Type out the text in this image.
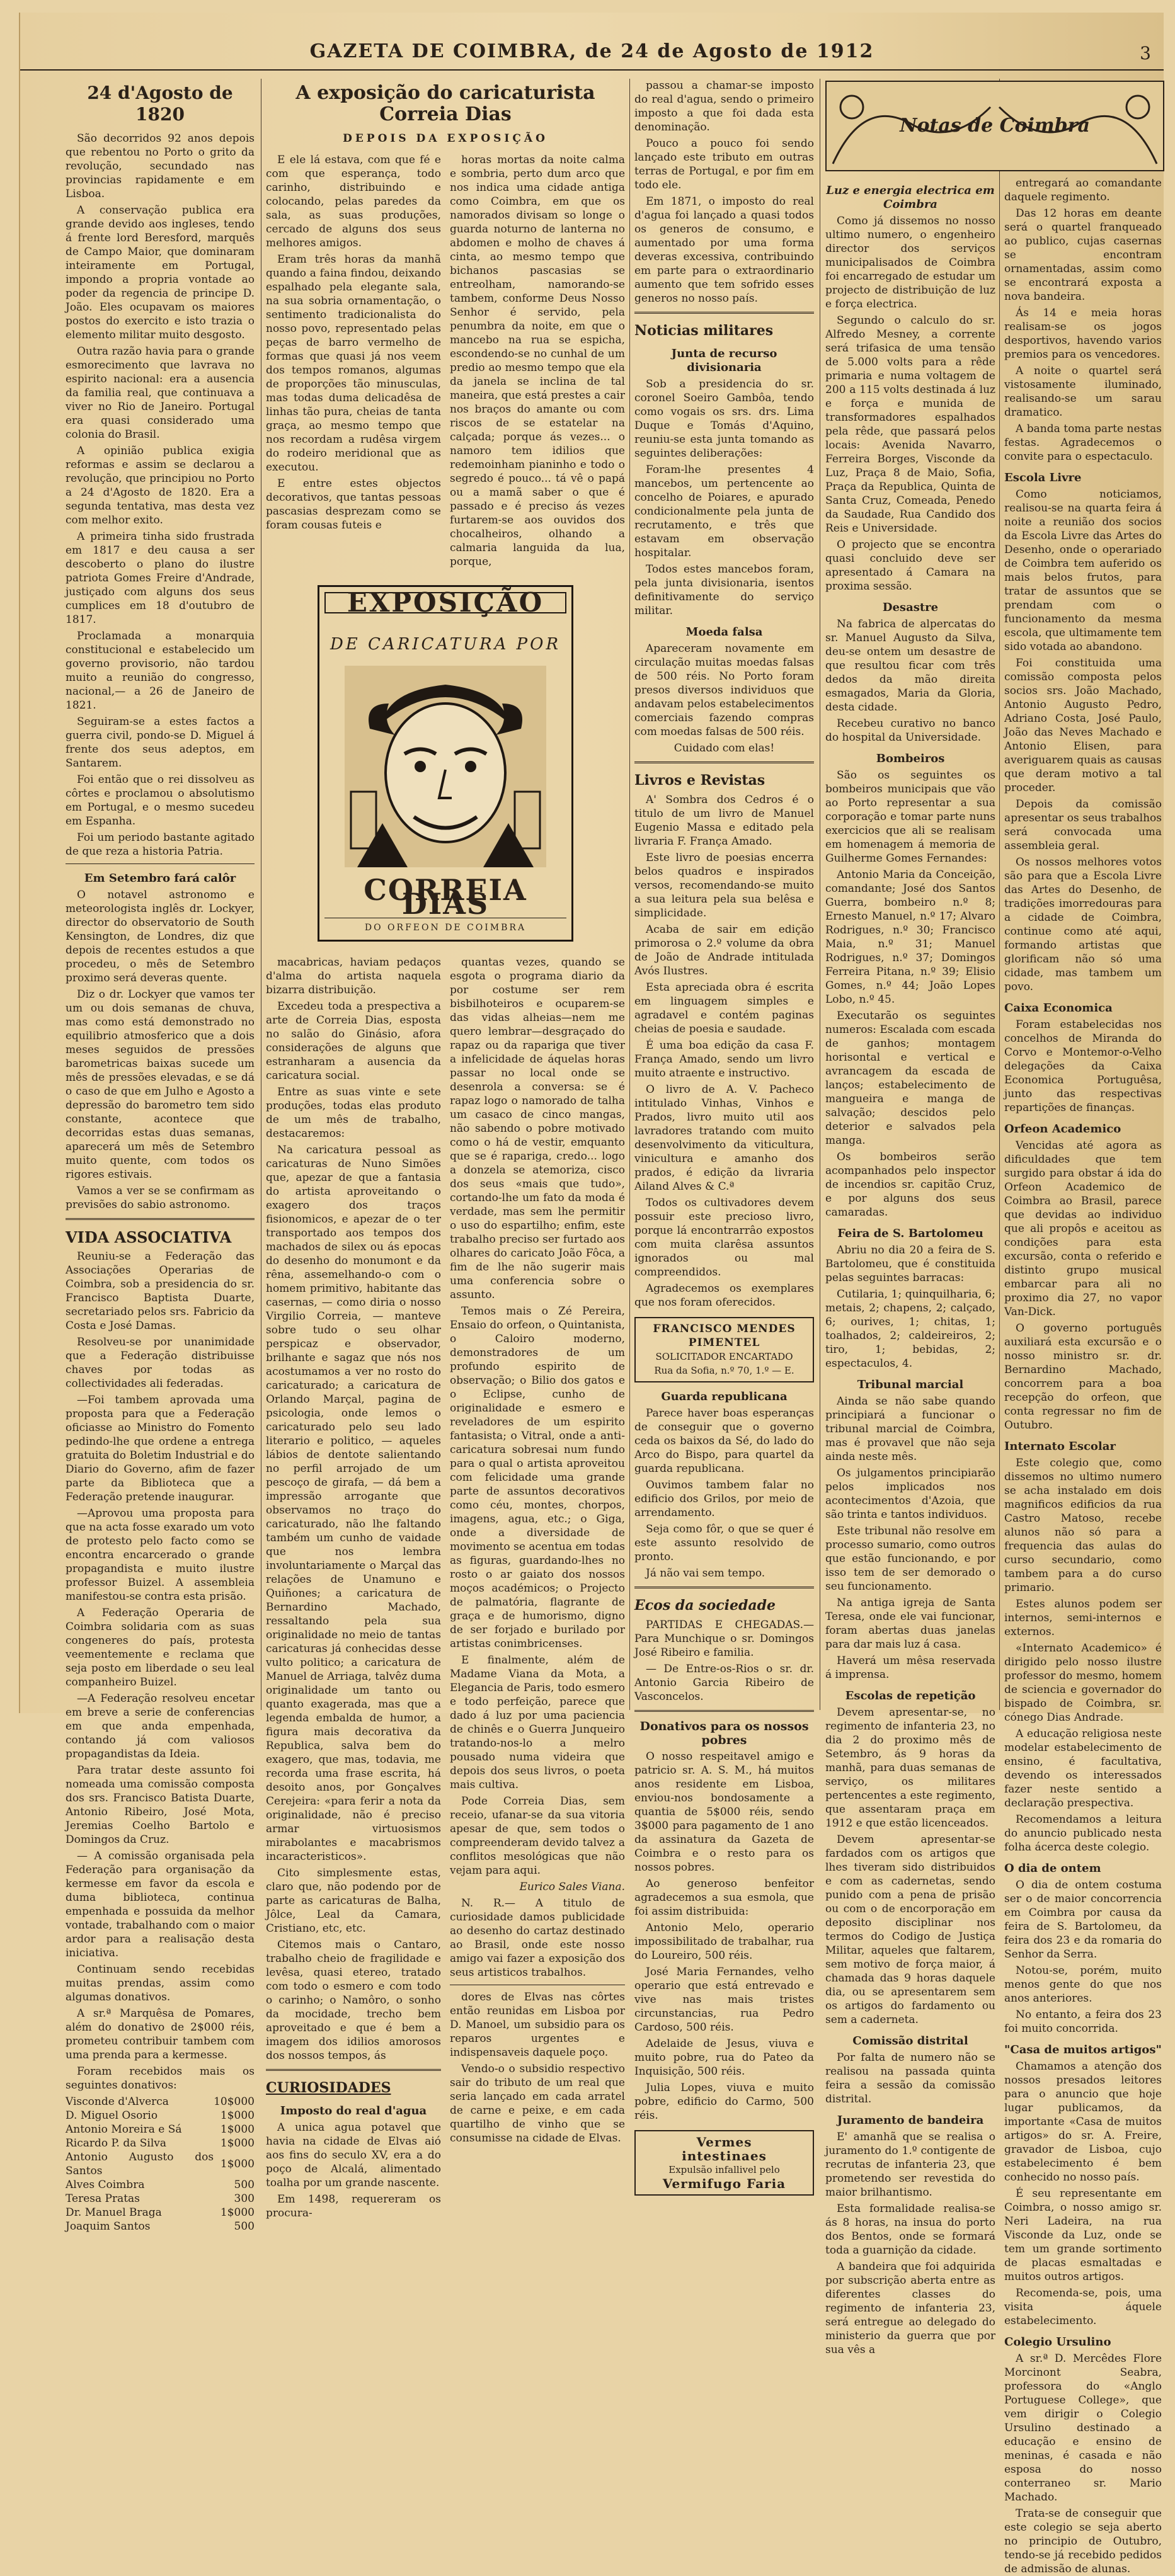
GAZETA DE COIMBRA, de 24 de Agosto de 1912	3
24 d'Agosto de 1820

São decorridos 92 anos depois que rebentou no Porto o grito da revolução, secundado nas provincias rapidamente e em Lisboa.

A conservação publica era grande devido aos ingleses, tendo á frente lord Beresford, marquês de Campo Maior, que dominaram inteiramente em Portugal, impondo a propria vontade ao poder da regencia de principe D. João. Eles ocupavam os maiores postos do exercito e isto trazia o elemento militar muito desgosto.

Outra razão havia para o grande esmorecimento que lavrava no espirito nacional: era a ausencia da familia real, que continuava a viver no Rio de Janeiro. Portugal era quasi considerado uma colonia do Brasil.

A opinião publica exigia reformas e assim se declarou a revolução, que principiou no Porto a 24 d'Agosto de 1820. Era a segunda tentativa, mas desta vez com melhor exito.

A primeira tinha sido frustrada em 1817 e deu causa a ser descoberto o plano do ilustre patriota Gomes Freire d'Andrade, justiçado com alguns dos seus cumplices em 18 d'outubro de 1817.

Proclamada a monarquia constitucional e estabelecido um governo provisorio, não tardou muito a reunião do congresso, nacional,— a 26 de Janeiro de 1821.

Seguiram-se a estes factos a guerra civil, pondo-se D. Miguel á frente dos seus adeptos, em Santarem.

Foi então que o rei dissolveu as côrtes e proclamou o absolutismo em Portugal, e o mesmo sucedeu em Espanha.

Foi um periodo bastante agitado de que reza a historia Patria.

Em Setembro fará calôr

O notavel astronomo e meteorologista inglês dr. Lockyer, director do observatorio de South Kensington, de Londres, diz que depois de recentes estudos a que procedeu, o mês de Setembro proximo será deveras quente.

Diz o dr. Lockyer que vamos ter um ou dois semanas de chuva, mas como está demonstrado no equilibrio atmosferico que a dois meses seguidos de pressões barometricas baixas sucede um mês de pressões elevadas, e se dá o caso de que em Julho e Agosto a depressão do barometro tem sido constante, acontece que decorridas estas duas semanas, aparecerá um mês de Setembro muito quente, com todos os rigores estivais.

Vamos a ver se se confirmam as previsões do sabio astronomo.

VIDA ASSOCIATIVA

Reuniu-se a Federação das Associações Operarias de Coimbra, sob a presidencia do sr. Francisco Baptista Duarte, secretariado pelos srs. Fabricio da Costa e José Damas.

Resolveu-se por unanimidade que a Federação distribuisse chaves por todas as collectividades ali federadas.

—Foi tambem aprovada uma proposta para que a Federação oficiasse ao Ministro do Fomento pedindo-lhe que ordene a entrega gratuita do Boletim Industrial e do Diario do Governo, afim de fazer parte da Biblioteca que a Federação pretende inaugurar.

—Aprovou uma proposta para que na acta fosse exarado um voto de protesto pelo facto como se encontra encarcerado o grande propagandista e muito ilustre professor Buizel. A assembleia manifestou-se contra esta prisão.

A Federação Operaria de Coimbra solidaria com as suas congeneres do país, protesta veementemente e reclama que seja posto em liberdade o seu leal companheiro Buizel.

—A Federação resolveu encetar em breve a serie de conferencias em que anda empenhada, contando já com valiosos propagandistas da Ideia.

Para tratar deste assunto foi nomeada uma comissão composta dos srs. Francisco Batista Duarte, Antonio Ribeiro, José Mota, Jeremias Coelho Bartolo e Domingos da Cruz.

— A comissão organisada pela Federação para organisação da kermesse em favor da escola e duma biblioteca, continua empenhada e possuida da melhor vontade, trabalhando com o maior ardor para a realisação desta iniciativa.

Continuam sendo recebidas muitas prendas, assim como algumas donativos.

A sr.ª Marquêsa de Pomares, além do donativo de 2$000 réis, prometeu contribuir tambem com uma prenda para a kermesse.

Foram recebidos mais os seguintes donativos:

Visconde d'Alverca	10$000
D. Miguel Osorio	1$000
Antonio Moreira e Sá	1$000
Ricardo P. da Silva	1$000
Antonio Augusto dos Santos	1$000
Alves Coimbra	500
Teresa Pratas	300
Dr. Manuel Braga	1$000
Joaquim Santos	500
A exposição do caricaturista Correia Dias
DEPOIS DA EXPOSIÇÃO

E ele lá estava, com que fé e com que esperança, todo carinho, distribuindo e colocando, pelas paredes da sala, as suas produções, cercado de alguns dos seus melhores amigos.

Eram três horas da manhã quando a faina findou, deixando espalhado pela elegante sala, na sua sobria ornamentação, o sentimento tradicionalista do nosso povo, representado pelas peças de barro vermelho de formas que quasi já nos veem dos tempos romanos, algumas de proporções tão minusculas, mas todas duma delicadêsa de linhas tão pura, cheias de tanta graça, ao mesmo tempo que nos recordam a rudêsa virgem do rodeiro meridional que as executou.

E entre estes objectos decorativos, que tantas pessoas pascasias desprezam como se foram cousas futeis e

horas mortas da noite calma e sombria, perto dum arco que nos indica uma cidade antiga como Coimbra, em que os namorados divisam so longe o guarda noturno de lanterna no abdomen e molho de chaves á cinta, ao mesmo tempo que bichanos pascasias se entreolham, namorando-se tambem, conforme Deus Nosso Senhor é servido, pela penumbra da noite, em que o mancebo na rua se espicha, escondendo-se no cunhal de um predio ao mesmo tempo que ela da janela se inclina de tal maneira, que está prestes a cair nos braços do amante ou com riscos de se estatelar na calçada; porque ás vezes... o namoro tem idilios que redemoinham pianinho e todo o segredo é pouco... tá vê o papá ou a mamã saber o que é passado e é preciso ás vezes furtarem-se aos ouvidos dos chocalheiros, olhando a calmaria languida da lua, porque,

EXPOSIÇÃO
DE CARICATURA POR
CORREIA DIAS
DO ORFEON DE COIMBRA

macabricas, haviam pedaços d'alma do artista naquela bizarra distribuição.

Excedeu toda a prespectiva a arte de Correia Dias, esposta no salão do Ginásio, afora considerações de alguns que estranharam a ausencia da caricatura social.

Entre as suas vinte e sete produções, todas elas produto de um mês de trabalho, destacaremos:

Na caricatura pessoal as caricaturas de Nuno Simões que, apezar de que a fantasia do artista aproveitando o exagero dos traços fisionomicos, e apezar de o ter transportado aos tempos dos machados de silex ou ás epocas do desenho do monumont e da rêna, assemelhando-o com o homem primitivo, habitante das casernas, — como diria o nosso Virgilio Correia, — manteve sobre tudo o seu olhar perspicaz e observador, brilhante e sagaz que nós nos acostumamos a ver no rosto do caricaturado; a caricatura de Orlando Marçal, pagina de psicologia, onde lemos o caricaturado pelo seu lado literario e politico, — aqueles lábios de dentote salientando no perfil arrojado de um pescoço de girafa, — dá bem a impressão arrogante que observamos no traço do caricaturado, não lhe faltando também um cunho de vaidade que nos lembra involuntariamente o Marçal das relações de Unamuno e Quiñones; a caricatura de Bernardino Machado, ressaltando pela sua originalidade no meio de tantas caricaturas já conhecidas desse vulto politico; a caricatura de Manuel de Arriaga, talvêz duma originalidade um tanto ou quanto exagerada, mas que a legenda embalda de humor, a figura mais decorativa da Republica, salva bem do exagero, que mas, todavia, me recorda uma frase escrita, há desoito anos, por Gonçalves Cerejeira: «para ferir a nota da originalidade, não é preciso armar virtuosismos mirabolantes e macabrismos incaracteristicos».

Cito simplesmente estas, claro que, não podendo por de parte as caricaturas de Balha, Jôlce, Leal da Camara, Cristiano, etc, etc.

Citemos mais o Cantaro, trabalho cheio de fragilidade e levêsa, quasi etereo, tratado com todo o esmero e com todo o carinho; o Namôro, o sonho da mocidade, trecho bem aproveitado e que é bem a imagem dos idilios amorosos dos nossos tempos, ás

CURIOSIDADES
Imposto do real d'agua

A unica agua potavel que havia na cidade de Elvas aió aos fins do seculo XV, era a do poço de Alcalá, alimentado toalha por um grande nascente.

Em 1498, requereram os procura-

quantas vezes, quando se esgota o programa diario da por costume ser rem bisbilhoteiros e ocuparem-se das vidas alheias—nem me quero lembrar—desgraçado do rapaz ou da rapariga que tiver a infelicidade de áquelas horas passar no local onde se desenrola a conversa: se é rapaz logo o namorado de talha um casaco de cinco mangas, não sabendo o pobre motivado como o há de vestir, emquanto que se é rapariga, credo... logo a donzela se atemoriza, cisco dos seus «mais que tudo», cortando-lhe um fato da moda é verdade, mas sem lhe permitir o uso do espartilho; enfim, este trabalho preciso ser furtado aos olhares do caricato João Fôca, a fim de lhe não sugerir mais uma conferencia sobre o assunto.

Temos mais o Zé Pereira, Ensaio do orfeon, o Quintanista, o Caloiro moderno, demonstradores de um profundo espirito de observação; o Bilio dos gatos e o Eclipse, cunho de originalidade e esmero e reveladores de um espirito fantasista; o Vitral, onde a anti-caricatura sobresai num fundo para o qual o artista aproveitou com felicidade uma grande parte de assuntos decorativos como céu, montes, chorpos, imagens, agua, etc.; o Giga, onde a diversidade de movimento se acentua em todas as figuras, guardando-lhes no rosto o ar gaiato dos nossos moços académicos; o Projecto de palmatória, flagrante de graça e de humorismo, digno de ser forjado e burilado por artistas conimbricenses.

E finalmente, além de Madame Viana da Mota, a Elegancia de Paris, todo esmero e todo perfeição, parece que dado á luz por uma paciencia de chinês e o Guerra Junqueiro tratando-nos-lo a melro pousado numa videira que depois dos seus livros, o poeta mais cultiva.

Pode Correia Dias, sem receio, ufanar-se da sua vitoria apesar de que, sem todos o compreenderam devido talvez a conflitos mesológicas que não vejam para aqui.

Eurico Sales Viana.

N. R.— A titulo de curiosidade damos publicidade ao desenho do cartaz destinado ao Brasil, onde este nosso amigo vai fazer a exposição dos seus artisticos trabalhos.

dores de Elvas nas côrtes então reunidas em Lisboa por D. Manoel, um subsidio para os reparos urgentes e indispensaveis daquele poço.

Vendo-o o subsidio respectivo sair do tributo de um real que seria lançado em cada arratel de carne e peixe, e em cada quartilho de vinho que se consumisse na cidade de Elvas.

passou a chamar-se imposto do real d'agua, sendo o primeiro imposto a que foi dada esta denominação.

Pouco a pouco foi sendo lançado este tributo em outras terras de Portugal, e por fim em todo ele.

Em 1871, o imposto do real d'agua foi lançado a quasi todos os generos de consumo, e aumentado por uma forma deveras excessiva, contribuindo em parte para o extraordinario aumento que tem sofrido esses generos no nosso país.

Noticias militares
Junta de recurso divisionaria

Sob a presidencia do sr. coronel Soeiro Gambôa, tendo como vogais os srs. drs. Lima Duque e Tomás d'Aquino, reuniu-se esta junta tomando as seguintes deliberações:

Foram-lhe presentes 4 mancebos, um pertencente ao concelho de Poiares, e apurado condicionalmente pela junta de recrutamento, e três que estavam em observação hospitalar.

Todos estes mancebos foram, pela junta divisionaria, isentos definitivamente do serviço militar.

Moeda falsa

Apareceram novamente em circulação muitas moedas falsas de 500 réis. No Porto foram presos diversos individuos que andavam pelos estabelecimentos comerciais fazendo compras com moedas falsas de 500 réis.

Cuidado com elas!

Livros e Revistas

A' Sombra dos Cedros é o titulo de um livro de Manuel Eugenio Massa e editado pela livraria F. França Amado.

Este livro de poesias encerra belos quadros e inspirados versos, recomendando-se muito a sua leitura pela sua belêsa e simplicidade.

Acaba de sair em edição primorosa o 2.º volume da obra de João de Andrade intitulada Avós Ilustres.

Esta apreciada obra é escrita em linguagem simples e agradavel e contém paginas cheias de poesia e saudade.

É uma boa edição da casa F. França Amado, sendo um livro muito atraente e instructivo.

O livro de A. V. Pacheco intitulado Vinhas, Vinhos e Prados, livro muito util aos lavradores tratando com muito desenvolvimento da viticultura, vinicultura e amanho dos prados, é edição da livraria Ailand Alves & C.ª

Todos os cultivadores devem possuir este precioso livro, porque lá encontrarrâo expostos com muita clarêsa assuntos ignorados ou mal compreendidos.

Agradecemos os exemplares que nos foram oferecidos.

FRANCISCO MENDES PIMENTEL
SOLICITADOR ENCARTADO
Rua da Sofia, n.º 70, 1.º — E.
Guarda republicana

Parece haver boas esperanças de conseguir que o governo ceda os baixos da Sé, do lado do Arco do Bispo, para quartel da guarda republicana.

Ouvimos tambem falar no edificio dos Grilos, por meio de arrendamento.

Seja como fôr, o que se quer é este assunto resolvido de pronto.

Já não vai sem tempo.

Ecos da sociedade

PARTIDAS E CHEGADAS.—Para Munchique o sr. Domingos José Ribeiro e familia.

— De Entre-os-Rios o sr. dr. Antonio Garcia Ribeiro de Vasconcelos.

Donativos para os nossos pobres

O nosso respeitavel amigo e patricio sr. A. S. M., há muitos anos residente em Lisboa, enviou-nos bondosamente a quantia de 5$000 réis, sendo 3$000 para pagamento de 1 ano da assinatura da Gazeta de Coimbra e o resto para os nossos pobres.

Ao generoso benfeitor agradecemos a sua esmola, que foi assim distribuida:

Antonio Melo, operario impossibilitado de trabalhar, rua do Loureiro, 500 réis.

José Maria Fernandes, velho operario que está entrevado e vive nas mais tristes circunstancias, rua Pedro Cardoso, 500 réis.

Adelaide de Jesus, viuva e muito pobre, rua do Pateo da Inquisição, 500 réis.

Julia Lopes, viuva e muito pobre, edificio do Carmo, 500 réis.

Vermes
intestinaes
Expulsão infallivel pelo
Vermifugo Faria
Luz e energia electrica em Coimbra

Como já dissemos no nosso ultimo numero, o engenheiro director dos serviços municipalisados de Coimbra foi encarregado de estudar um projecto de distribuição de luz e força electrica.

Segundo o calculo do sr. Alfredo Mesney, a corrente será trifasica de uma tensão de 5.000 volts para a rêde primaria e numa voltagem de 200 a 115 volts destinada á luz e força e munida de transformadores espalhados pela rêde, que passará pelos locais: Avenida Navarro, Ferreira Borges, Visconde da Luz, Praça 8 de Maio, Sofia, Praça da Republica, Quinta de Santa Cruz, Comeada, Penedo da Saudade, Rua Candido dos Reis e Universidade.

O projecto que se encontra quasi concluido deve ser apresentado á Camara na proxima sessão.

Desastre

Na fabrica de alpercatas do sr. Manuel Augusto da Silva, deu-se ontem um desastre de que resultou ficar com três dedos da mão direita esmagados, Maria da Gloria, desta cidade.

Recebeu curativo no banco do hospital da Universidade.

Bombeiros

São os seguintes os bombeiros municipais que vão ao Porto representar a sua corporação e tomar parte nuns exercicios que ali se realisam em homenagem á memoria de Guilherme Gomes Fernandes:

Antonio Maria da Conceição, comandante; José dos Santos Guerra, bombeiro n.º 8; Ernesto Manuel, n.º 17; Alvaro Rodrigues, n.º 30; Francisco Maia, n.º 31; Manuel Rodrigues, n.º 37; Domingos Ferreira Pitana, n.º 39; Elisio Gomes, n.º 44; João Lopes Lobo, n.º 45.

Executarão os seguintes numeros: Escalada com escada de ganhos; montagem horisontal e vertical e avrancagem da escada de lanços; estabelecimento de mangueira e manga de salvação; descidos pelo deterior e salvados pela manga.

Os bombeiros serão acompanhados pelo inspector de incendios sr. capitão Cruz, e por alguns dos seus camaradas.

Feira de S. Bartolomeu

Abriu no dia 20 a feira de S. Bartolomeu, que é constituida pelas seguintes barracas:

Cutilaria, 1; quinquilharia, 6; metais, 2; chapens, 2; calçado, 6; ourives, 1; chitas, 1; toalhados, 2; caldeireiros, 2; tiro, 1; bebidas, 2; espectaculos, 4.

Tribunal marcial

Ainda se não sabe quando principiará a funcionar o tribunal marcial de Coimbra, mas é provavel que não seja ainda neste mês.

Os julgamentos principiarão pelos implicados nos acontecimentos d'Azoia, que são trinta e tantos individuos.

Este tribunal não resolve em processo sumario, como outros que estão funcionando, e por isso tem de ser demorado o seu funcionamento.

Na antiga igreja de Santa Teresa, onde ele vai funcionar, foram abertas duas janelas para dar mais luz á casa.

Haverá um mêsa reservada á imprensa.

Escolas de repetição

Devem apresentar-se, no regimento de infanteria 23, no dia 2 do proximo mês de Setembro, ás 9 horas da manhã, para duas semanas de serviço, os militares pertencentes a este regimento, que assentaram praça em 1912 e que estão licenceados.

Devem apresentar-se fardados com os artigos que lhes tiveram sido distribuidos e com as cadernetas, sendo punido com a pena de prisão ou com o de encorporação em deposito disciplinar nos termos do Codigo de Justiça Militar, aqueles que faltarem, sem motivo de força maior, á chamada das 9 horas daquele dia, ou se apresentarem sem os artigos do fardamento ou sem a caderneta.

Comissão distrital

Por falta de numero não se realisou na passada quinta feira a sessão da comissão distrital.

Juramento de bandeira

E' amanhã que se realisa o juramento do 1.º contigente de recrutas de infanteria 23, que prometendo ser revestida do maior brilhantismo.

Esta formalidade realisa-se ás 8 horas, na insua do porto dos Bentos, onde se formará toda a guarnição da cidade.

A bandeira que foi adquirida por subscrição aberta entre as diferentes classes do regimento de infanteria 23, será entregue ao delegado do ministerio da guerra que por sua vês a

Notas de Coimbra

entregará ao comandante daquele regimento.

Das 12 horas em deante será o quartel franqueado ao publico, cujas casernas se encontram ornamentadas, assim como se encontrará exposta a nova bandeira.

Ás 14 e meia horas realisam-se os jogos desportivos, havendo varios premios para os vencedores.

A noite o quartel será vistosamente iluminado, realisando-se um sarau dramatico.

A banda toma parte nestas festas. Agradecemos o convite para o espectaculo.

Escola Livre

Como noticiamos, realisou-se na quarta feira á noite a reunião dos socios da Escola Livre das Artes do Desenho, onde o operariado de Coimbra tem auferido os mais belos frutos, para tratar de assuntos que se prendam com o funcionamento da mesma escola, que ultimamente tem sido votada ao abandono.

Foi constituida uma comissão composta pelos socios srs. João Machado, Antonio Augusto Pedro, Adriano Costa, José Paulo, João das Neves Machado e Antonio Elisen, para averiguarem quais as causas que deram motivo a tal proceder.

Depois da comissão apresentar os seus trabalhos será convocada uma assembleia geral.

Os nossos melhores votos são para que a Escola Livre das Artes do Desenho, de tradições imorredouras para a cidade de Coimbra, continue como até aqui, formando artistas que glorificam não só uma cidade, mas tambem um povo.

Caixa Economica

Foram estabelecidas nos concelhos de Miranda do Corvo e Montemor-o-Velho delegações da Caixa Economica Portuguêsa, junto das respectivas repartições de finanças.

Orfeon Academico

Vencidas até agora as dificuldades que tem surgido para obstar á ida do Orfeon Academico de Coimbra ao Brasil, parece que devidas ao individuo que ali propôs e aceitou as condições para esta excursão, conta o referido e distinto grupo musical embarcar para ali no proximo dia 27, no vapor Van-Dick.

O governo português auxiliará esta excursão e o nosso ministro sr. dr. Bernardino Machado, concorrem para a boa recepção do orfeon, que conta regressar no fim de Outubro.

Internato Escolar

Este colegio que, como dissemos no ultimo numero se acha instalado em dois magnificos edificios da rua Castro Matoso, recebe alunos não só para a frequencia das aulas do curso secundario, como tambem para a do curso primario.

Estes alunos podem ser internos, semi-internos e externos.

«Internato Academico» é dirigido pelo nosso ilustre professor do mesmo, homem de sciencia e governador do bispado de Coimbra, sr. cónego Dias Andrade.

A educação religiosa neste modelar estabelecimento de ensino, é facultativa, devendo os interessados fazer neste sentido a declaração prespectiva.

Recomendamos a leitura do anuncio publicado nesta folha ácerca deste colegio.

O dia de ontem

O dia de ontem costuma ser o de maior concorrencia em Coimbra por causa da feira de S. Bartolomeu, da feira dos 23 e da romaria do Senhor da Serra.

Notou-se, porém, muito menos gente do que nos anos anteriores.

No entanto, a feira dos 23 foi muito concorrida.

"Casa de muitos artigos"

Chamamos a atenção dos nossos presados leitores para o anuncio que hoje lugar publicamos, da importante «Casa de muitos artigos» do sr. A. Freire, gravador de Lisboa, cujo estabelecimento é bem conhecido no nosso país.

É seu representante em Coimbra, o nosso amigo sr. Neri Ladeira, na rua Visconde da Luz, onde se tem um grande sortimento de placas esmaltadas e muitos outros artigos.

Recomenda-se, pois, uma visita áquele estabelecimento.

Colegio Ursulino

A sr.ª D. Mercêdes Flore Morcinont Seabra, professora do «Anglo Portuguese College», que vem dirigir o Colegio Ursulino destinado a educação e ensino de meninas, é casada e não esposa do nosso conterraneo sr. Mario Machado.

Trata-se de conseguir que este colegio se seja aberto no principio de Outubro, tendo-se já recebido pedidos de admissão de alunas.
